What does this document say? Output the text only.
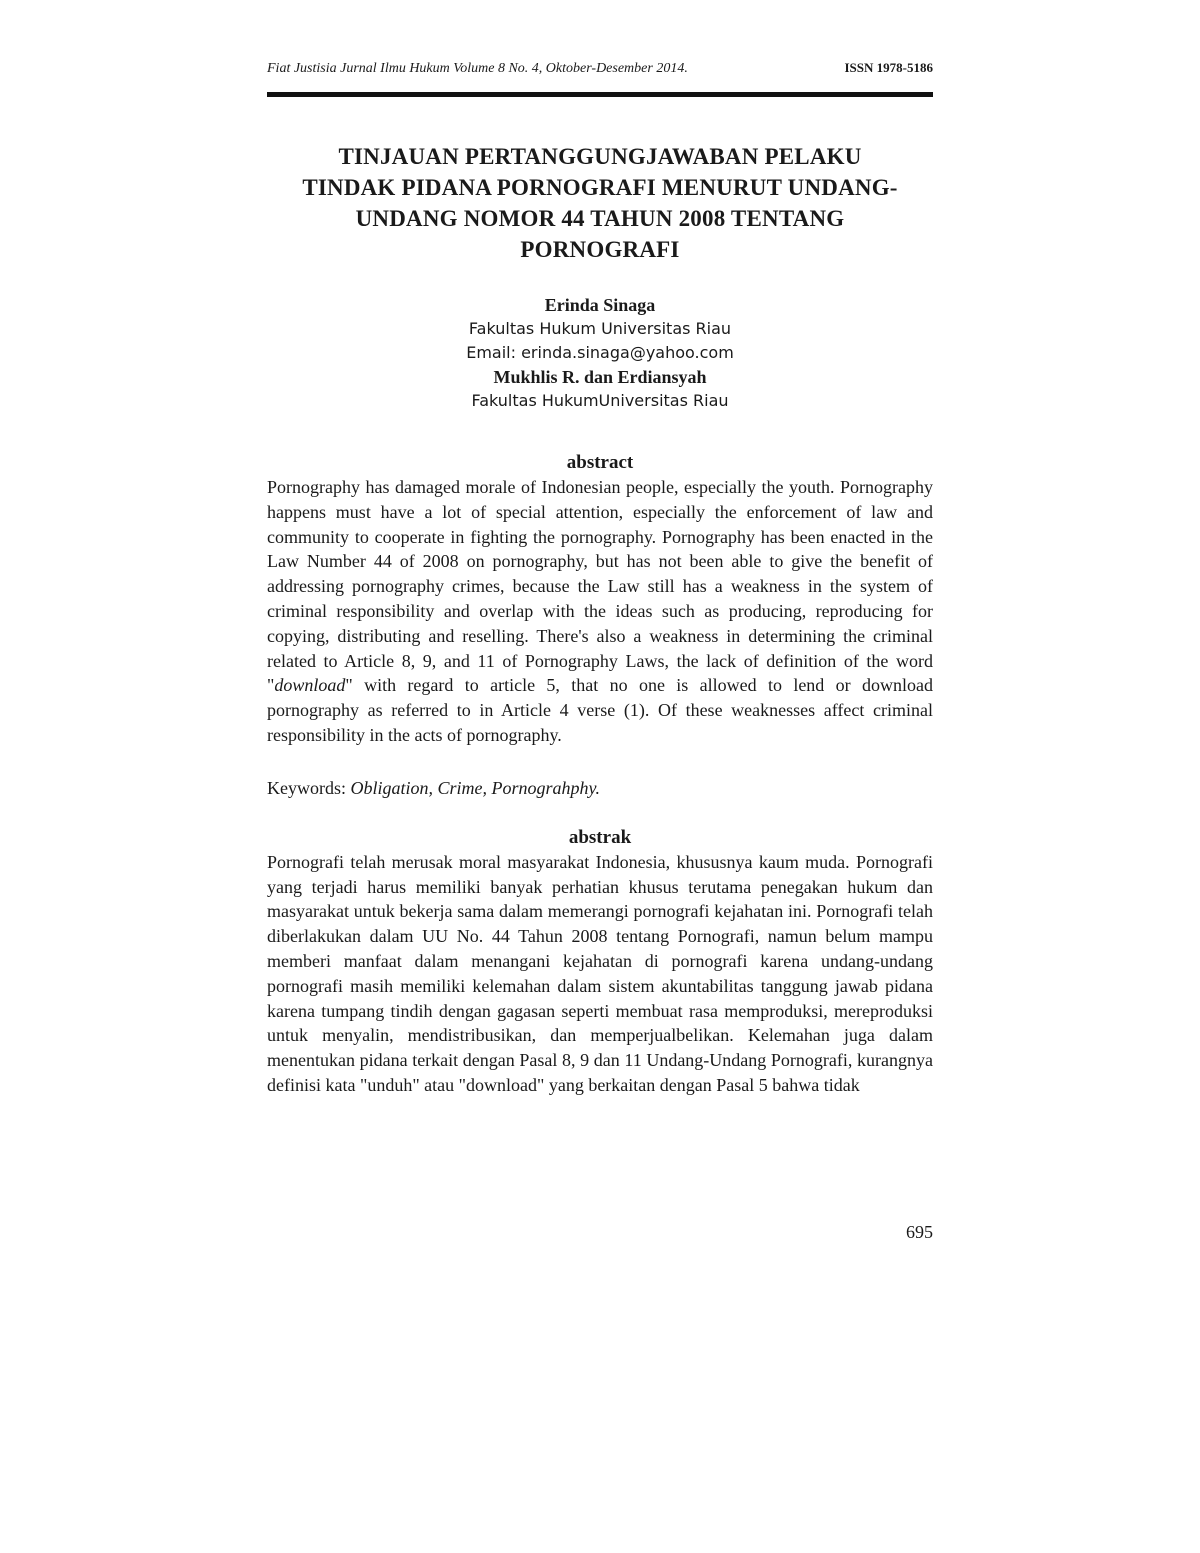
Fiat Justisia Jurnal Ilmu Hukum Volume 8 No. 4, Oktober-Desember 2014.	ISSN 1978-5186
TINJAUAN PERTANGGUNGJAWABAN PELAKU
TINDAK PIDANA PORNOGRAFI MENURUT UNDANG-
UNDANG NOMOR 44 TAHUN 2008 TENTANG
PORNOGRAFI
Erinda Sinaga
Fakultas Hukum Universitas Riau
Email: erinda.sinaga@yahoo.com
Mukhlis R. dan Erdiansyah
Fakultas HukumUniversitas Riau
abstract
Pornography has damaged morale of Indonesian people, especially the youth. Pornography happens must have a lot of special attention, especially the enforcement of law and community to cooperate in fighting the pornography. Pornography has been enacted in the Law Number 44 of 2008 on pornography, but has not been able to give the benefit of addressing pornography crimes, because the Law still has a weakness in the system of criminal responsibility and overlap with the ideas such as producing, reproducing for copying, distributing and reselling. There's also a weakness in determining the criminal related to Article 8, 9, and 11 of Pornography Laws, the lack of definition of the word "download" with regard to article 5, that no one is allowed to lend or download pornography as referred to in Article 4 verse (1). Of these weaknesses affect criminal responsibility in the acts of pornography.
Keywords: Obligation, Crime, Pornograhphy.
abstrak
Pornografi telah merusak moral masyarakat Indonesia, khususnya kaum muda. Pornografi yang terjadi harus memiliki banyak perhatian khusus terutama penegakan hukum dan masyarakat untuk bekerja sama dalam memerangi pornografi kejahatan ini. Pornografi telah diberlakukan dalam UU No. 44 Tahun 2008 tentang Pornografi, namun belum mampu memberi manfaat dalam menangani kejahatan di pornografi karena undang-undang pornografi masih memiliki kelemahan dalam sistem akuntabilitas tanggung jawab pidana karena tumpang tindih dengan gagasan seperti membuat rasa memproduksi, mereproduksi untuk menyalin, mendistribusikan, dan memperjualbelikan. Kelemahan juga dalam menentukan pidana terkait dengan Pasal 8, 9 dan 11 Undang-Undang Pornografi, kurangnya definisi kata "unduh" atau "download" yang berkaitan dengan Pasal 5 bahwa tidak
695
